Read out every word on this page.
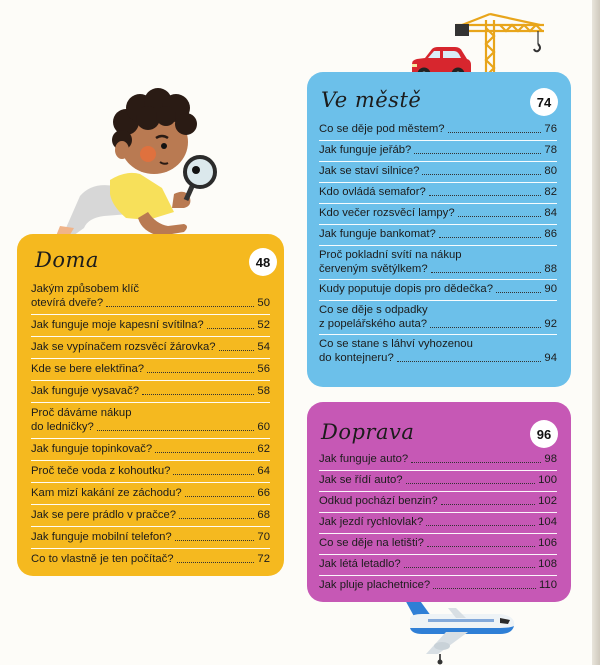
Doma	48
Jakým způsobem klíč
otevírá dveře?	50
Jak funguje moje kapesní svítilna?	52
Jak se vypínačem rozsvěcí žárovka?	54
Kde se bere elektřina?	56
Jak funguje vysavač?	58
Proč dáváme nákup
do ledničky?	60
Jak funguje topinkovač?	62
Proč teče voda z kohoutku?	64
Kam mizí kakání ze záchodu?	66
Jak se pere prádlo v pračce?	68
Jak funguje mobilní telefon?	70
Co to vlastně je ten počítač?	72
Ve městě	74
Co se děje pod městem?	76
Jak funguje jeřáb?	78
Jak se staví silnice?	80
Kdo ovládá semafor?	82
Kdo večer rozsvěcí lampy?	84
Jak funguje bankomat?	86
Proč pokladní svítí na nákup
červeným světýlkem?	88
Kudy poputuje dopis pro dědečka?	90
Co se děje s odpadky
z popelářského auta?	92
Co se stane s láhví vyhozenou
do kontejneru?	94
Doprava	96
Jak funguje auto?	98
Jak se řídí auto?	100
Odkud pochází benzin?	102
Jak jezdí rychlovlak?	104
Co se děje na letišti?	106
Jak létá letadlo?	108
Jak pluje plachetnice?	110
